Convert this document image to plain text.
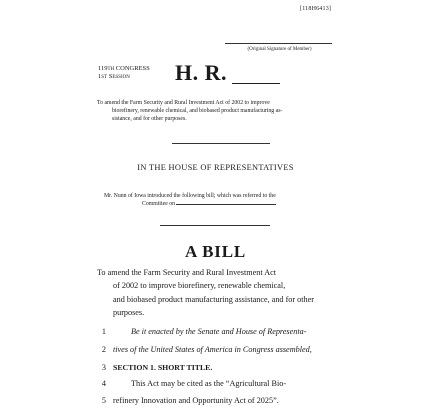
[118H6413]
(Original Signature of Member)
119th CONGRESS
1st Session	H. R.
To amend the Farm Security and Rural Investment Act of 2002 to improve
biorefinery, renewable chemical, and biobased product manufacturing as-
sistance, and for other purposes.
IN THE HOUSE OF REPRESENTATIVES
Mr. Nunn of Iowa introduced the following bill; which was referred to the
Committee on
A BILL
To amend the Farm Security and Rural Investment Act
of 2002 to improve biorefinery, renewable chemical,
and biobased product manufacturing assistance, and for other
purposes.
1	Be it enacted by the Senate and House of Representa-
2 tives of the United States of America in Congress assembled,
3 SECTION 1. SHORT TITLE.
4	This Act may be cited as the “Agricultural Bio-
5 refinery Innovation and Opportunity Act of 2025”.
